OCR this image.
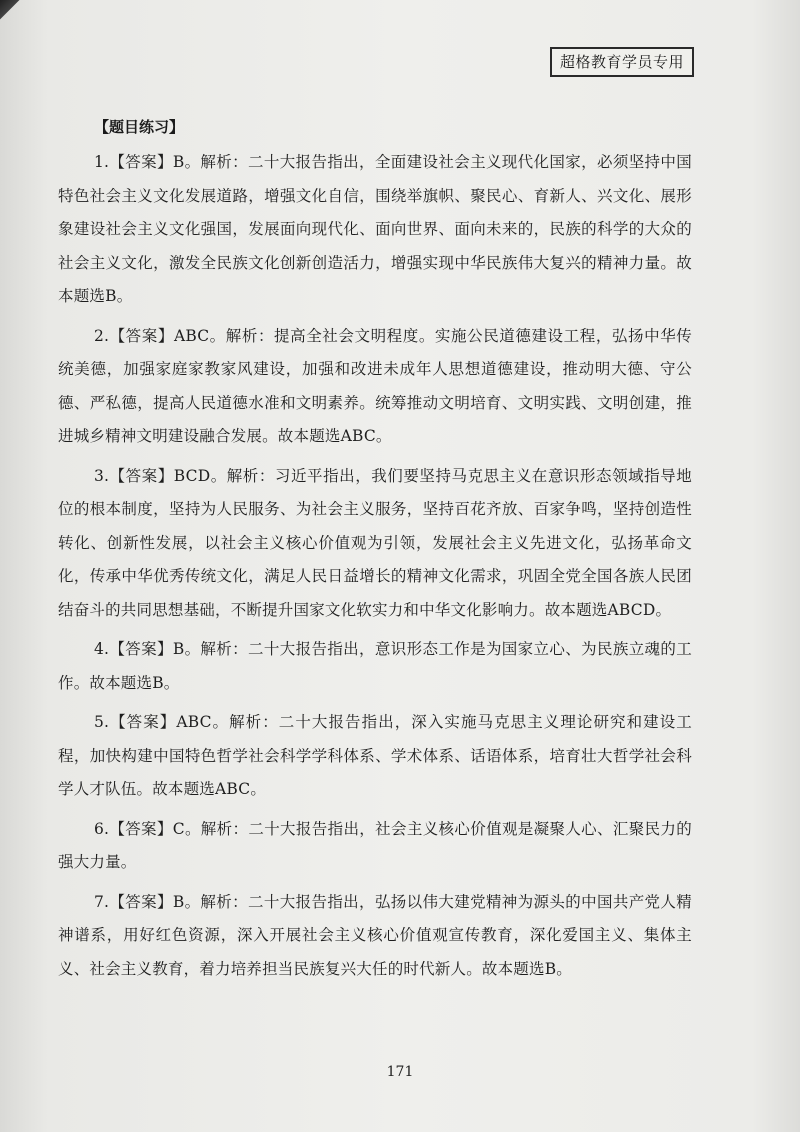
超格教育学员专用
【题目练习】

1.【答案】B。解析：二十大报告指出，全面建设社会主义现代化国家，必须坚持中国特色社会主义文化发展道路，增强文化自信，围绕举旗帜、聚民心、育新人、兴文化、展形象建设社会主义文化强国，发展面向现代化、面向世界、面向未来的，民族的科学的大众的社会主义文化，激发全民族文化创新创造活力，增强实现中华民族伟大复兴的精神力量。故本题选B。

2.【答案】ABC。解析：提高全社会文明程度。实施公民道德建设工程，弘扬中华传统美德，加强家庭家教家风建设，加强和改进未成年人思想道德建设，推动明大德、守公德、严私德，提高人民道德水准和文明素养。统筹推动文明培育、文明实践、文明创建，推进城乡精神文明建设融合发展。故本题选ABC。

3.【答案】BCD。解析：习近平指出，我们要坚持马克思主义在意识形态领域指导地位的根本制度，坚持为人民服务、为社会主义服务，坚持百花齐放、百家争鸣，坚持创造性转化、创新性发展，以社会主义核心价值观为引领，发展社会主义先进文化，弘扬革命文化，传承中华优秀传统文化，满足人民日益增长的精神文化需求，巩固全党全国各族人民团结奋斗的共同思想基础，不断提升国家文化软实力和中华文化影响力。故本题选ABCD。

4.【答案】B。解析：二十大报告指出，意识形态工作是为国家立心、为民族立魂的工作。故本题选B。

5.【答案】ABC。解析：二十大报告指出，深入实施马克思主义理论研究和建设工程，加快构建中国特色哲学社会科学学科体系、学术体系、话语体系，培育壮大哲学社会科学人才队伍。故本题选ABC。

6.【答案】C。解析：二十大报告指出，社会主义核心价值观是凝聚人心、汇聚民力的强大力量。

7.【答案】B。解析：二十大报告指出，弘扬以伟大建党精神为源头的中国共产党人精神谱系，用好红色资源，深入开展社会主义核心价值观宣传教育，深化爱国主义、集体主义、社会主义教育，着力培养担当民族复兴大任的时代新人。故本题选B。

171
